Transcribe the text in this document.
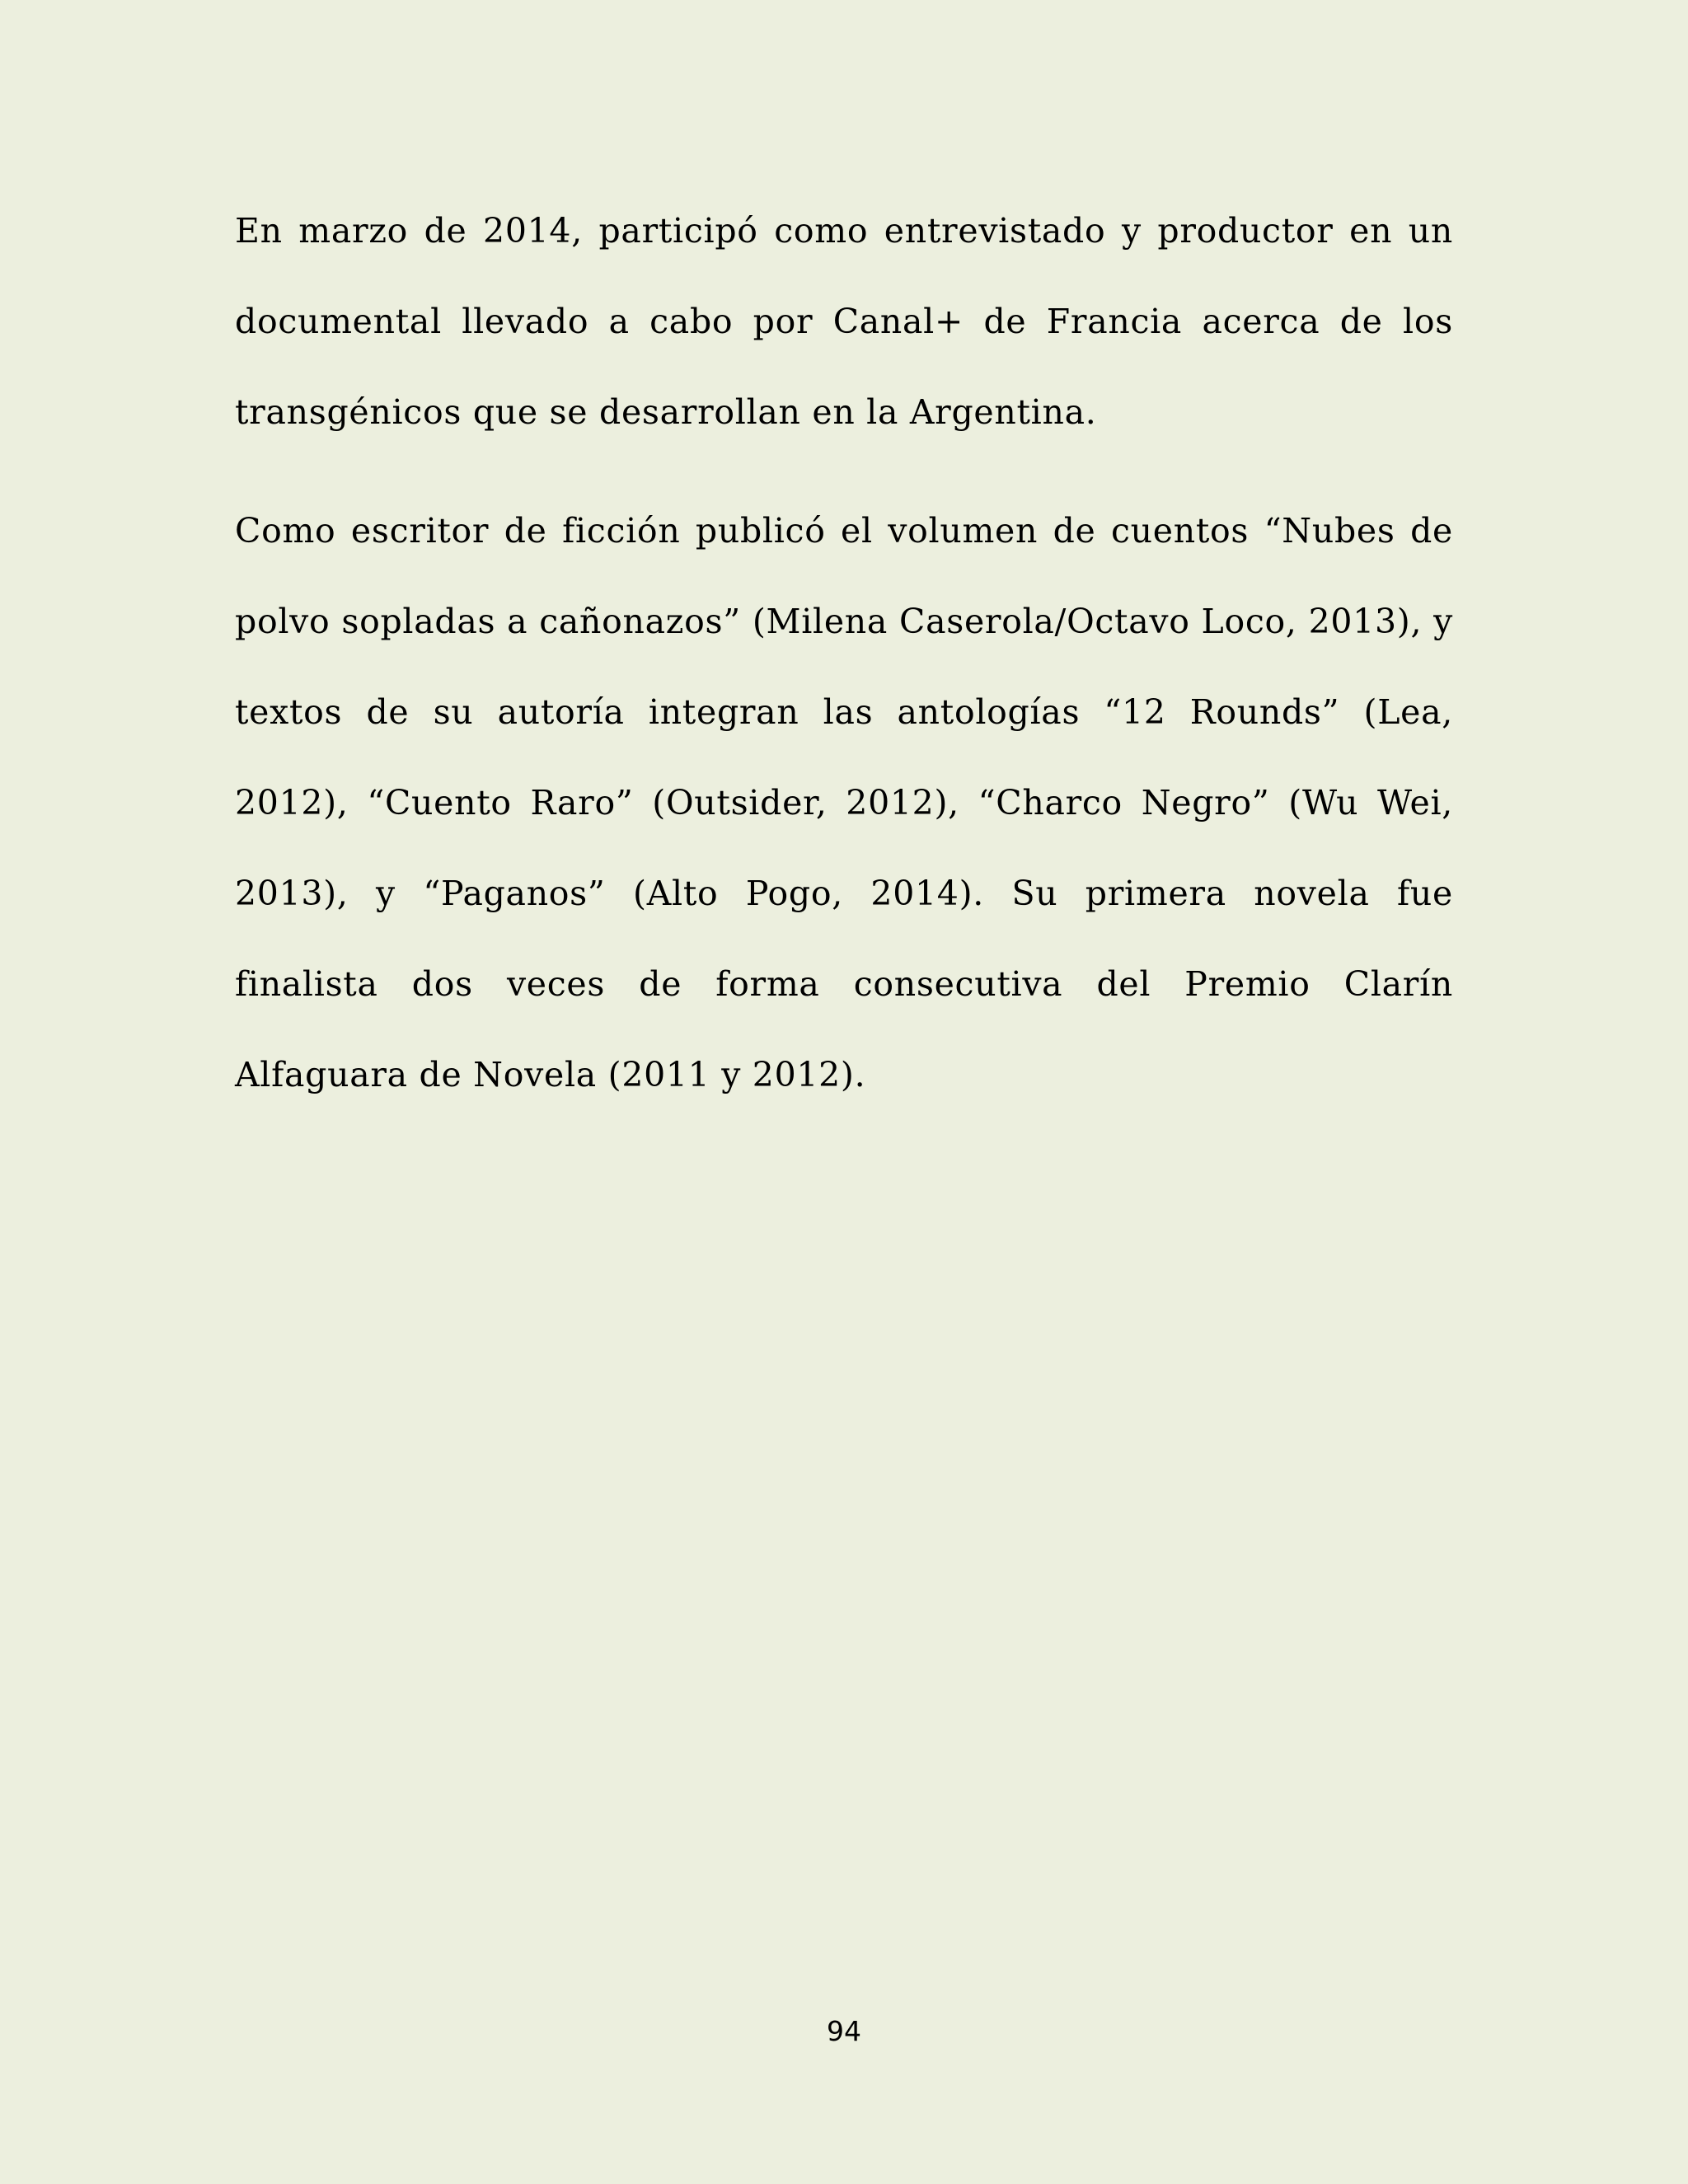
En marzo de 2014, participó como entrevistado y productor en un documental llevado a cabo por Canal+ de Francia acerca de los transgénicos que se desarrollan en la Argentina.

Como escritor de ficción publicó el volumen de cuentos “Nubes de polvo sopladas a cañonazos” (Milena Caserola/Octavo Loco, 2013), y textos de su autoría integran las antologías “12 Rounds” (Lea, 2012), “Cuento Raro” (Outsider, 2012), “Charco Negro” (Wu Wei, 2013), y “Paganos” (Alto Pogo, 2014). Su primera novela fue finalista dos veces de forma consecutiva del Premio Clarín Alfaguara de Novela (2011 y 2012).

94
